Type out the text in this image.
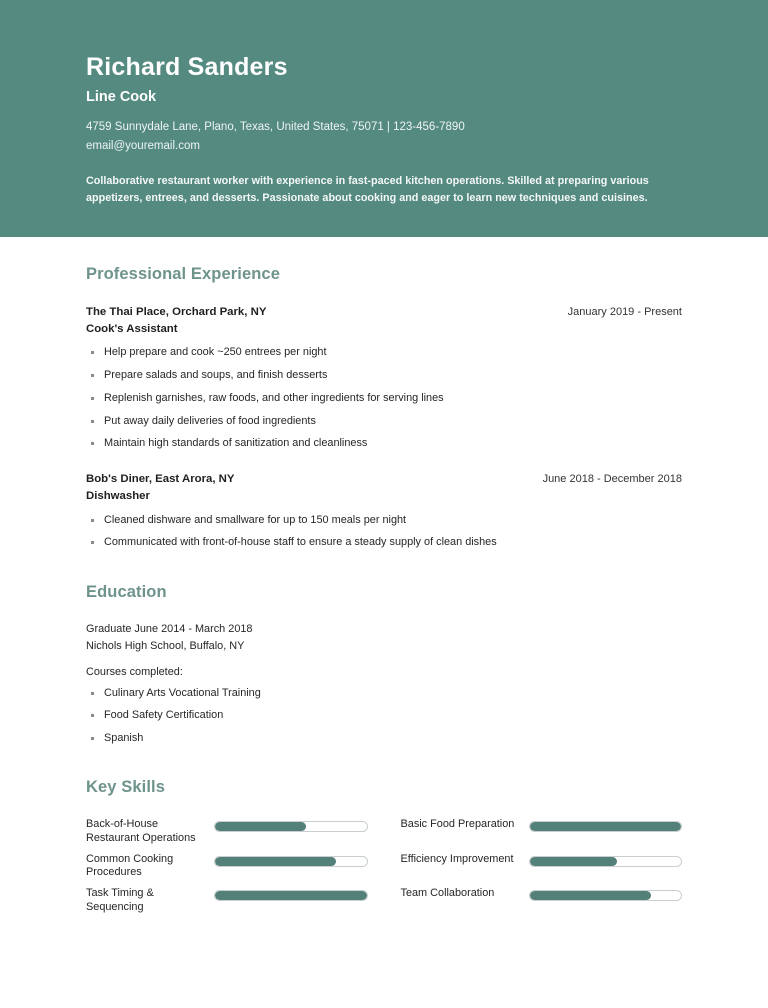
Richard Sanders
Line Cook
4759 Sunnydale Lane, Plano, Texas, United States, 75071 | 123-456-7890
email@youremail.com
Collaborative restaurant worker with experience in fast-paced kitchen operations. Skilled at preparing various appetizers, entrees, and desserts. Passionate about cooking and eager to learn new techniques and cuisines.
Professional Experience
The Thai Place, Orchard Park, NY	January 2019 - Present
Cook's Assistant
Help prepare and cook ~250 entrees per night
Prepare salads and soups, and finish desserts
Replenish garnishes, raw foods, and other ingredients for serving lines
Put away daily deliveries of food ingredients
Maintain high standards of sanitization and cleanliness
Bob's Diner, East Arora, NY	June 2018 - December 2018
Dishwasher
Cleaned dishware and smallware for up to 150 meals per night
Communicated with front-of-house staff to ensure a steady supply of clean dishes
Education
Graduate June 2014 - March 2018
Nichols High School, Buffalo, NY
Courses completed:
Culinary Arts Vocational Training
Food Safety Certification
Spanish
Key Skills
Back-of-House Restaurant Operations
Basic Food Preparation
Common Cooking Procedures
Efficiency Improvement
Task Timing & Sequencing
Team Collaboration
